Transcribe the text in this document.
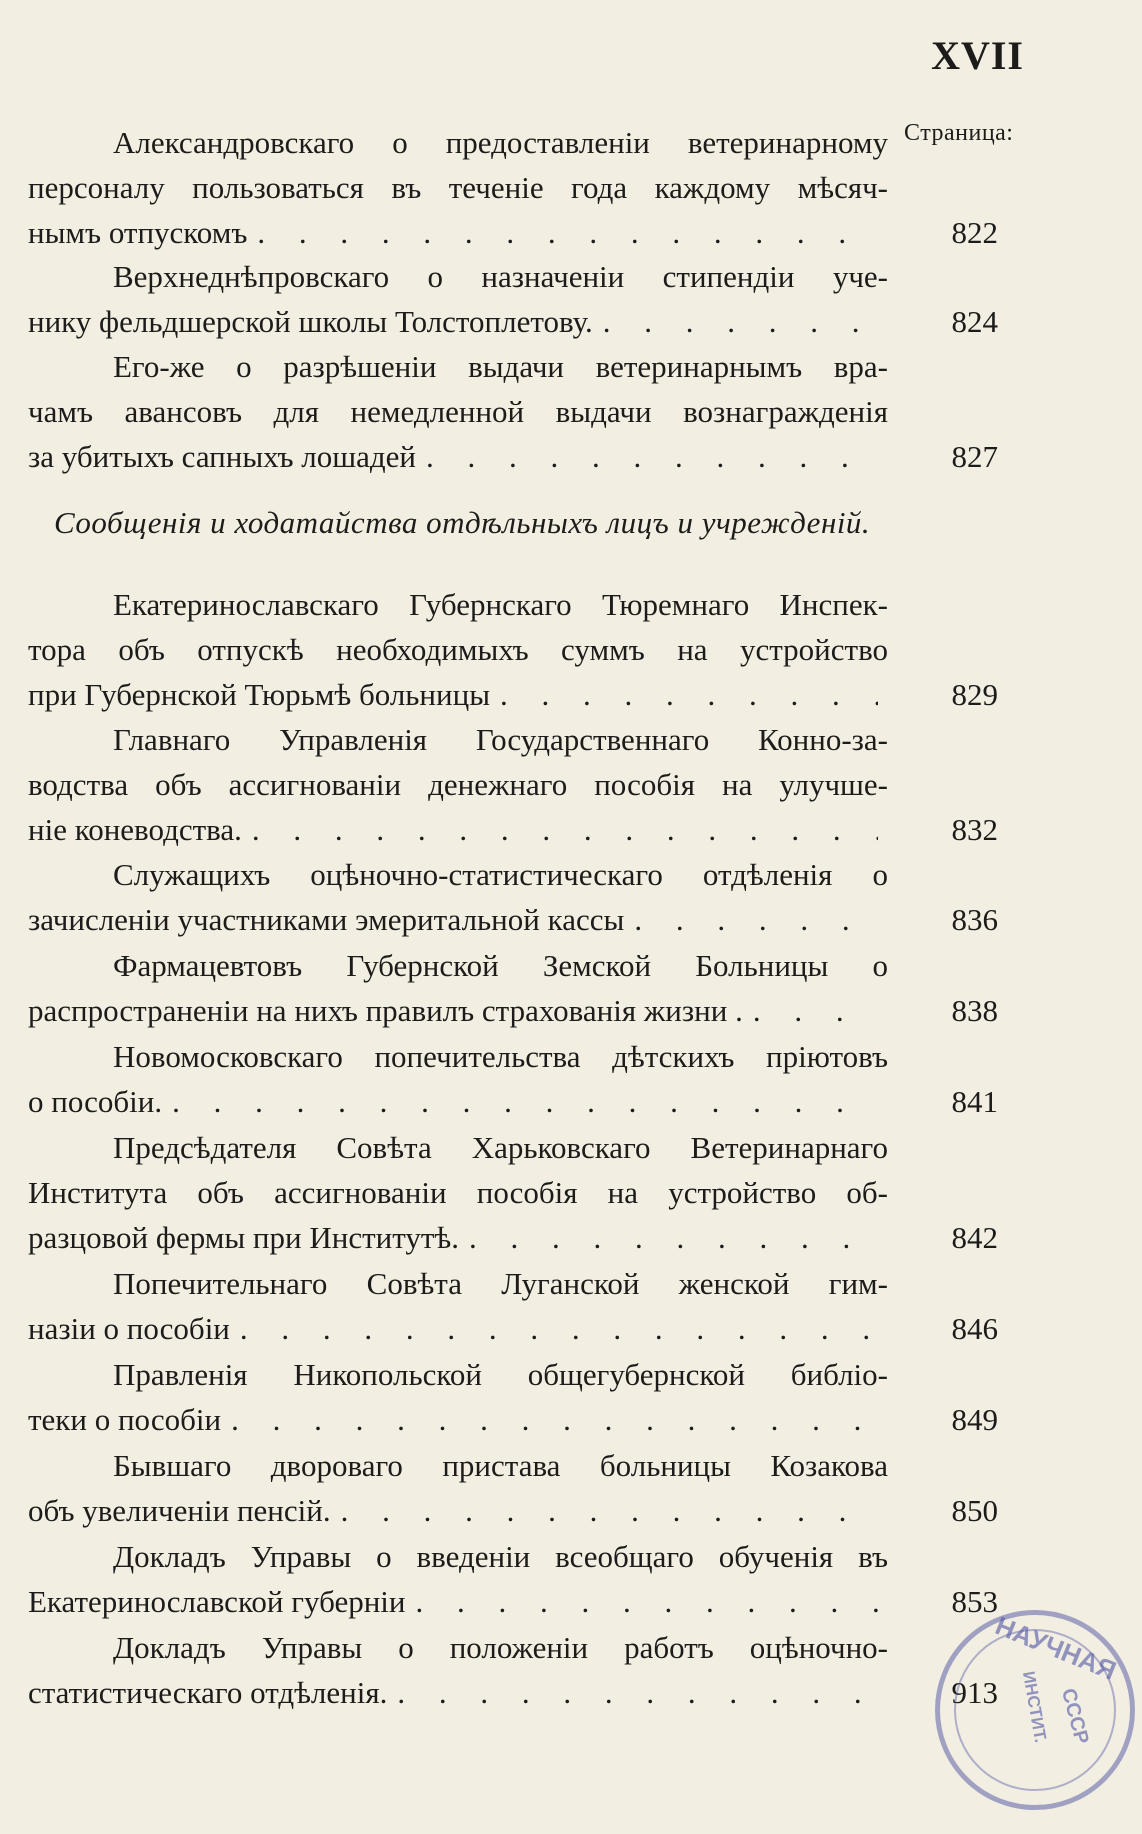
XVII
Страница:
Александровскаго о предоставленіи ветеринарному
персоналу пользоваться въ теченіе года каждому мѣсяч-
нымъ отпускомъ . . .	822
Верхнеднѣпровскаго о назначеніи стипендіи уче-
нику фельдшерской школы Толстоплетову. . . .	824
Его-же о разрѣшеніи выдачи ветеринарнымъ вра-
чамъ авансовъ для немедленной выдачи вознагражденія
за убитыхъ сапныхъ лошадей . . .	827
Сообщенія и ходатайства отдѣльныхъ лицъ и учрежденій.
Екатеринославскаго Губернскаго Тюремнаго Инспек-
тора объ отпускѣ необходимыхъ суммъ на устройство
при Губернской Тюрьмѣ больницы . . .	829
Главнаго Управленія Государственнаго Конно-за-
водства объ ассигнованіи денежнаго пособія на улучше-
ніе коневодства. . . .	832
Служащихъ оцѣночно-статистическаго отдѣленія о
зачисленіи участниками эмеритальной кассы . . .	836
Фармацевтовъ Губернской Земской Больницы о
распространеніи на нихъ правилъ страхованія жизни . . . .	838
Новомосковскаго попечительства дѣтскихъ пріютовъ
о пособіи. . . .	841
Предсѣдателя Совѣта Харьковскаго Ветеринарнаго
Института объ ассигнованіи пособія на устройство об-
разцовой фермы при Институтѣ. . . .	842
Попечительнаго Совѣта Луганской женской гим-
назіи о пособіи . . .	846
Правленія Никопольской общегубернской библіо-
теки о пособіи . . .	849
Бывшаго двороваго пристава больницы Козакова
объ увеличеніи пенсій. . . .	850
Докладъ Управы о введеніи всеобщаго обученія въ
Екатеринославской губерніи . . .	853
Докладъ Управы о положеніи работъ оцѣночно-
статистическаго отдѣленія. . . .	913
НАУЧНАЯ
ИНСТИТ. СССР
